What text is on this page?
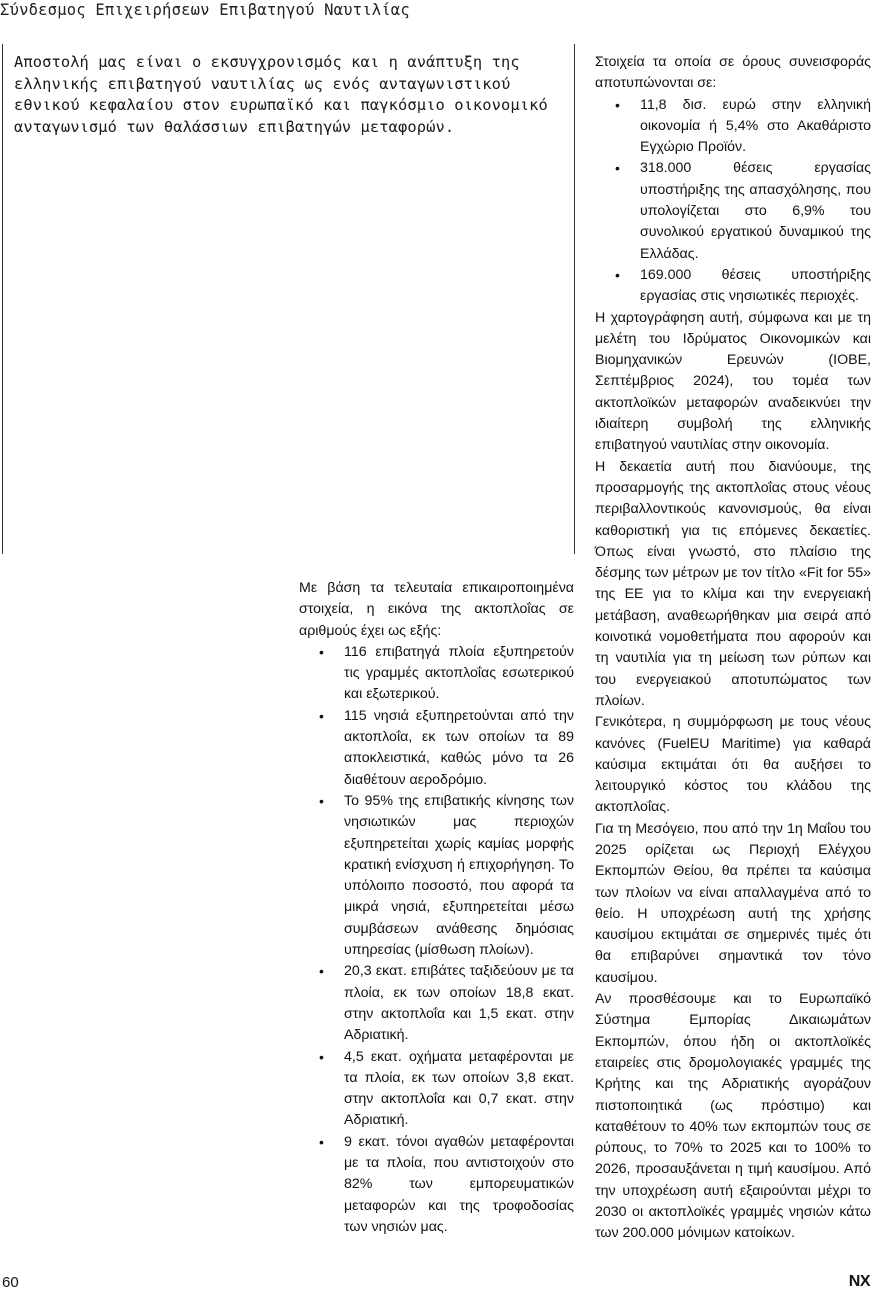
Σύνδεσμος Επιχειρήσεων Επιβατηγού Ναυτιλίας
Αποστολή μας είναι ο εκσυγχρονισμός και η ανάπτυξη της ελληνικής επιβατηγού ναυτιλίας ως ενός ανταγωνιστικού εθνικού κεφαλαίου στον ευρωπαϊκό και παγκόσμιο οικονομικό ανταγωνισμό των θαλάσσιων επιβατηγών μεταφορών.

Με βάση τα τελευταία επικαιροποιημένα στοιχεία, η εικόνα της ακτοπλοΐας σε αριθμούς έχει ως εξής:

• 116 επιβατηγά πλοία εξυπηρετούν τις γραμμές ακτοπλοΐας εσωτερικού και εξωτερικού.
• 115 νησιά εξυπηρετούνται από την ακτοπλοΐα, εκ των οποίων τα 89 αποκλειστικά, καθώς μόνο τα 26 διαθέτουν αεροδρόμιο.
• Το 95% της επιβατικής κίνησης των νησιωτικών μας περιοχών εξυπηρετείται χωρίς καμίας μορφής κρατική ενίσχυση ή επιχορήγηση. Το υπόλοιπο ποσοστό, που αφορά τα μικρά νησιά, εξυπηρετείται μέσω συμβάσεων ανάθεσης δημόσιας υπηρεσίας (μίσθωση πλοίων).
• 20,3 εκατ. επιβάτες ταξιδεύουν με τα πλοία, εκ των οποίων 18,8 εκατ. στην ακτοπλοΐα και 1,5 εκατ. στην Αδριατική.
• 4,5 εκατ. οχήματα μεταφέρονται με τα πλοία, εκ των οποίων 3,8 εκατ. στην ακτοπλοΐα και 0,7 εκατ. στην Αδριατική.
• 9 εκατ. τόνοι αγαθών μεταφέρονται με τα πλοία, που αντιστοιχούν στο 82% των εμπορευματικών μεταφορών και της τροφοδοσίας των νησιών μας.

Στοιχεία τα οποία σε όρους συνεισφοράς αποτυπώνονται σε:

• 11,8 δισ. ευρώ στην ελληνική οικονομία ή 5,4% στο Ακαθάριστο Εγχώριο Προϊόν.
• 318.000 θέσεις εργασίας υποστήριξης της απασχόλησης, που υπολογίζεται στο 6,9% του συνολικού εργατικού δυναμικού της Ελλάδας.
• 169.000 θέσεις υποστήριξης εργασίας στις νησιωτικές περιοχές.

Η χαρτογράφηση αυτή, σύμφωνα και με τη μελέτη του Ιδρύματος Οικονομικών και Βιομηχανικών Ερευνών (ΙΟΒΕ, Σεπτέμβριος 2024), του τομέα των ακτοπλοϊκών μεταφορών αναδεικνύει την ιδιαίτερη συμβολή της ελληνικής επιβατηγού ναυτιλίας στην οικονομία.

Η δεκαετία αυτή που διανύουμε, της προσαρμογής της ακτοπλοΐας στους νέους περιβαλλοντικούς κανονισμούς, θα είναι καθοριστική για τις επόμενες δεκαετίες. Όπως είναι γνωστό, στο πλαίσιο της δέσμης των μέτρων με τον τίτλο «Fit for 55» της ΕΕ για το κλίμα και την ενεργειακή μετάβαση, αναθεωρήθηκαν μια σειρά από κοινοτικά νομοθετήματα που αφορούν και τη ναυτιλία για τη μείωση των ρύπων και του ενεργειακού αποτυπώματος των πλοίων.

Γενικότερα, η συμμόρφωση με τους νέους κανόνες (FuelEU Maritime) για καθαρά καύσιμα εκτιμάται ότι θα αυξήσει το λειτουργικό κόστος του κλάδου της ακτοπλοΐας.

Για τη Μεσόγειο, που από την 1η Μαΐου του 2025 ορίζεται ως Περιοχή Ελέγχου Εκπομπών Θείου, θα πρέπει τα καύσιμα των πλοίων να είναι απαλλαγμένα από το θείο. Η υποχρέωση αυτή της χρήσης καυσίμου εκτιμάται σε σημερινές τιμές ότι θα επιβαρύνει σημαντικά τον τόνο καυσίμου.

Αν προσθέσουμε και το Ευρωπαϊκό Σύστημα Εμπορίας Δικαιωμάτων Εκπομπών, όπου ήδη οι ακτοπλοϊκές εταιρείες στις δρομολογιακές γραμμές της Κρήτης και της Αδριατικής αγοράζουν πιστοποιητικά (ως πρόστιμο) και καταθέτουν το 40% των εκπομπών τους σε ρύπους, το 70% το 2025 και το 100% το 2026, προσαυξάνεται η τιμή καυσίμου. Από την υποχρέωση αυτή εξαιρούνται μέχρι το 2030 οι ακτοπλοϊκές γραμμές νησιών κάτω των 200.000 μόνιμων κατοίκων.

60	NX
